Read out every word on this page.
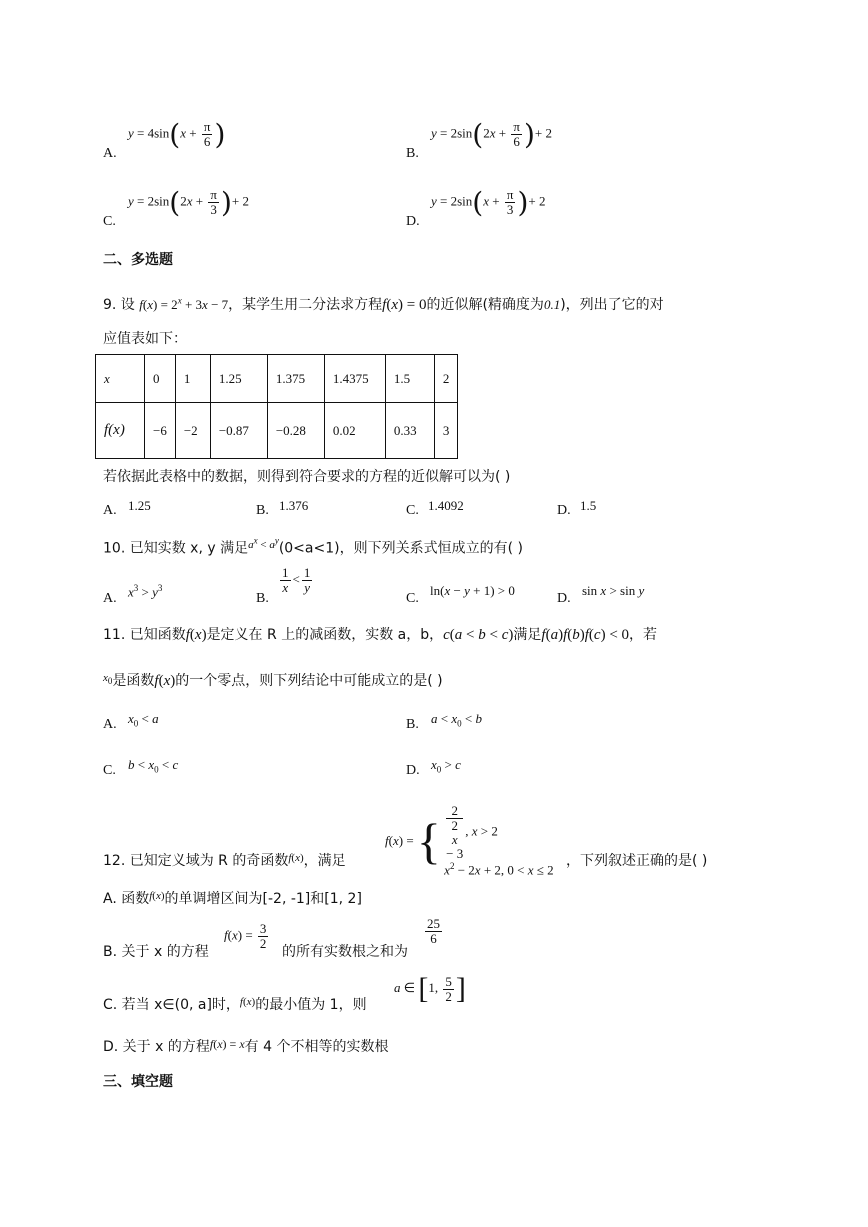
A.
$y = 4\sin(x + \frac{\pi}{6}$ )
B.
$y = 2\sin(2x + \frac{\pi}{6}$ )+ 2
C.
$y = 2\sin(2x + \frac{\pi}{3}$ )+ 2
D.
$y = 2\sin(x + \frac{\pi}{3}$ )+ 2
二、多选题
9. 设 $f(x) = 2^x + 3x - 7$，某学生用二分法求方程f(x) = 0的近似解(精确度为0.1)，列出了它的对
应值表如下：
x	0	1	1.25	1.375	1.4375	1.5	2
f(x)	−6	−2	−0.87	−0.28	0.02	0.33	3
若依据此表格中的数据，则得到符合要求的方程的近似解可以为( )
A. 1.25	B. 1.376	C. 1.4092	D. 1.5
10. 已知实数 x, y 满足$^{a^x < a^y}$(0<a<1)，则下列关系式恒成立的有( )
A. $x^3 > y^3$
B.
$\frac{1}{x} < \frac{1}{y}$
C.
ln(x − y + 1) > 0
D.
sin x > sin y
11. 已知函数f(x)是定义在 R 上的减函数，实数 a，b，c(a < b < c)满足f(a)f(b)f(c) < 0，若
$^{x_0}$是函数f(x)的一个零点，则下列结论中可能成立的是( )
A. $x_0 < a$	B. $a < x_0 < b$
C. $b < x_0 < c$	D. $x_0 > c$
f(x) = { 2
2
x
− 3 , x > 2
$x^2 - 2x + 2$, 0 < x ≤ 2
12. 已知定义域为 R 的奇函数$^{f(x)}$，满足	，下列叙述正确的是( )
A. 函数$^{f(x)}$的单调增区间为[-2, -1]和[1, 2]
B. 关于 x 的方程
$f(x) = \frac{3}{2}$
的所有实数根之和为
$\frac{25}{6}$
C. 若当 x∈(0, a]时，$^{f(x)}$的最小值为 1，则
a ∈ [1, $\frac{5}{2}$ ]
D. 关于 x 的方程f(x) = x有 4 个不相等的实数根
三、填空题
